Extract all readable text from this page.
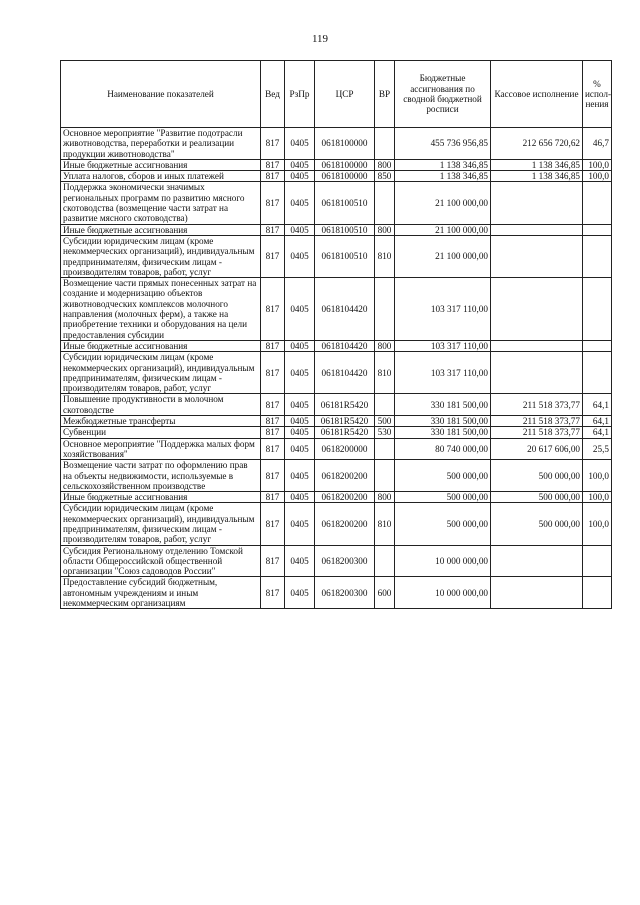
119
Наименование показателей	Вед	РзПр	ЦСР	ВР	Бюджетные ассигнования по сводной бюджетной росписи	Кассовое исполнение	% испол-нения
Основное мероприятие "Развитие подотрасли животноводства, переработки и реализации продукции животноводства"	817	0405	0618100000		455 736 956,85	212 656 720,62	46,7
Иные бюджетные ассигнования	817	0405	0618100000	800	1 138 346,85	1 138 346,85	100,0
Уплата налогов, сборов и иных платежей	817	0405	0618100000	850	1 138 346,85	1 138 346,85	100,0
Поддержка экономически значимых региональных программ по развитию мясного скотоводства (возмещение части затрат на развитие мясного скотоводства)	817	0405	0618100510		21 100 000,00		
Иные бюджетные ассигнования	817	0405	0618100510	800	21 100 000,00		
Субсидии юридическим лицам (кроме некоммерческих организаций), индивидуальным предпринимателям, физическим лицам - производителям товаров, работ, услуг	817	0405	0618100510	810	21 100 000,00		
Возмещение части прямых понесенных затрат на создание и модернизацию объектов животноводческих комплексов молочного направления (молочных ферм), а также на приобретение техники и оборудования на цели предоставления субсидии	817	0405	0618104420		103 317 110,00		
Иные бюджетные ассигнования	817	0405	0618104420	800	103 317 110,00		
Субсидии юридическим лицам (кроме некоммерческих организаций), индивидуальным предпринимателям, физическим лицам - производителям товаров, работ, услуг	817	0405	0618104420	810	103 317 110,00		
Повышение продуктивности в молочном скотоводстве	817	0405	06181R5420		330 181 500,00	211 518 373,77	64,1
Межбюджетные трансферты	817	0405	06181R5420	500	330 181 500,00	211 518 373,77	64,1
Субвенции	817	0405	06181R5420	530	330 181 500,00	211 518 373,77	64,1
Основное мероприятие "Поддержка малых форм хозяйствования"	817	0405	0618200000		80 740 000,00	20 617 606,00	25,5
Возмещение части затрат по оформлению прав на объекты недвижимости, используемые в сельскохозяйственном производстве	817	0405	0618200200		500 000,00	500 000,00	100,0
Иные бюджетные ассигнования	817	0405	0618200200	800	500 000,00	500 000,00	100,0
Субсидии юридическим лицам (кроме некоммерческих организаций), индивидуальным предпринимателям, физическим лицам - производителям товаров, работ, услуг	817	0405	0618200200	810	500 000,00	500 000,00	100,0
Субсидия Региональному отделению Томской области Общероссийской общественной организации "Союз садоводов России"	817	0405	0618200300		10 000 000,00		
Предоставление субсидий бюджетным, автономным учреждениям и иным некоммерческим организациям	817	0405	0618200300	600	10 000 000,00		
